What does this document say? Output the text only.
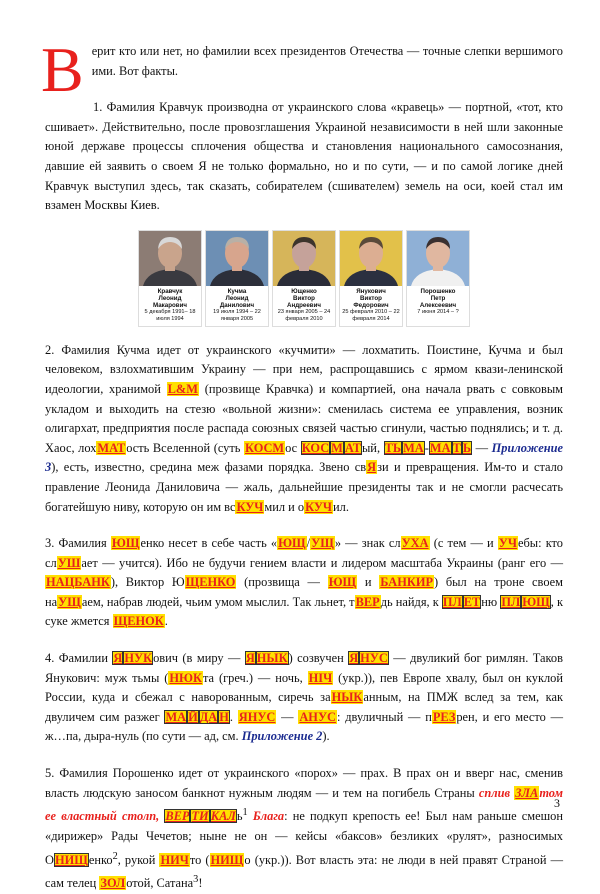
Верит кто или нет, но фамилии всех президентов Отечества — точные слепки вершимого ими. Вот факты.

1. Фамилия Кравчук производна от украинского слова «кравець» — портной, «тот, кто сшивает». Действительно, после провозглашения Украиной независимости в ней шли законные юной державе процессы сплочения общества и становления национального самосознания, давшие ей заявить о своем Я не только формально, но и по сути, — и по самой логике дней Кравчук выступил здесь, так сказать, собирателем (сшивателем) земель на оси, коей стал им взамен Москвы Киев.

Кравчук
Леонид
Макарович
5 декабря 1991– 18 июля 1994
Кучма
Леонид
Данилович
19 июля 1994 – 22 января 2005
Ющенко
Виктор
Андреевич
23 января 2005 – 24 февраля 2010
Янукович
Виктор
Федорович
25 февраля 2010 – 22 февраля 2014
Порошенко
Петр
Алексеевич
7 июня 2014 – ?

2. Фамилия Кучма идет от украинского «кучмити» — лохматить. Поистине, Кучма и был человеком, взлохматившим Украину — при нем, распрощавшись с ярмом квази-ленинской идеологии, хранимой L&M (прозвище Кравчка) и компартией, она начала рвать с совковым укладом и выходить на стезю «вольной жизни»: сменилась система ее управления, возник олигархат, предприятия после распада союзных связей частью сгинули, частью поднялись; и т. д. Хаос, лохМАТость Вселенной (суть КОСМос КОС М АТый, ТЬ МА-МА Т Ь — Приложение 3), есть, известно, средина меж фазами порядка. Звено свЯзи и превращения. Им-то и стало правление Леонида Даниловича — жаль, дальнейшие президенты так и не смогли расчесать богатейшую ниву, которую он им всКУЧмил и оКУЧил.

3. Фамилия ЮЩенко несет в себе часть «ЮЩ/УЩ» — знак слУХА (с тем — и УЧебы: кто слУШает — учится). Ибо не будучи гением власти и лидером масштаба Украины (ранг его — НАЦБАНК), Виктор ЮЩЕНКО (прозвища — ЮЩ и БАНКИР) был на троне своем наУЩаем, набрав людей, чьим умом мыслил. Так льнет, тВЕРдь найдя, к ПЛ ЕТню ПЛ ЮЩ, к суке жмется ЩЕНОК.

4. Фамилии Я НУКович (в миру — Я НЫК) созвучен Я НУС — двуликий бог римлян. Таков Янукович: муж тьмы (НЮКта (греч.) — ночь, НІЧ (укр.)), пев Европе хвалу, был он куклой России, куда и сбежал с наворованным, сиречь заНЫКанным, на ПМЖ вслед за тем, как двуличем сим разжег МА Й ДА Н. ЯНУС — АНУС: двуличный — пРЕЗрен, и его место — ж…па, дыра-нуль (по сути — ад, см. Приложение 2).

5. Фамилия Порошенко идет от украинского «порох» — прах. В прах он и вверг нас, сменив власть людскую заносом банкнот нужным людям — и тем на погибель Страны сплив ЗЛАтом ее властный столп, ВЕР ТИ КАЛь$^1$ Блага: не подкуп крепость ее! Был нам раньше смешон «дирижер» Рады Чечетов; ныне не он — кейсы «баксов» безликих «рулят», разносимых ОНИЩенко$^2$, рукой НИЧто (НИЩо (укр.)). Вот власть эта: не люди в ней правят Страной — сам телец ЗОЛотой, Сатана$^3$!

3
